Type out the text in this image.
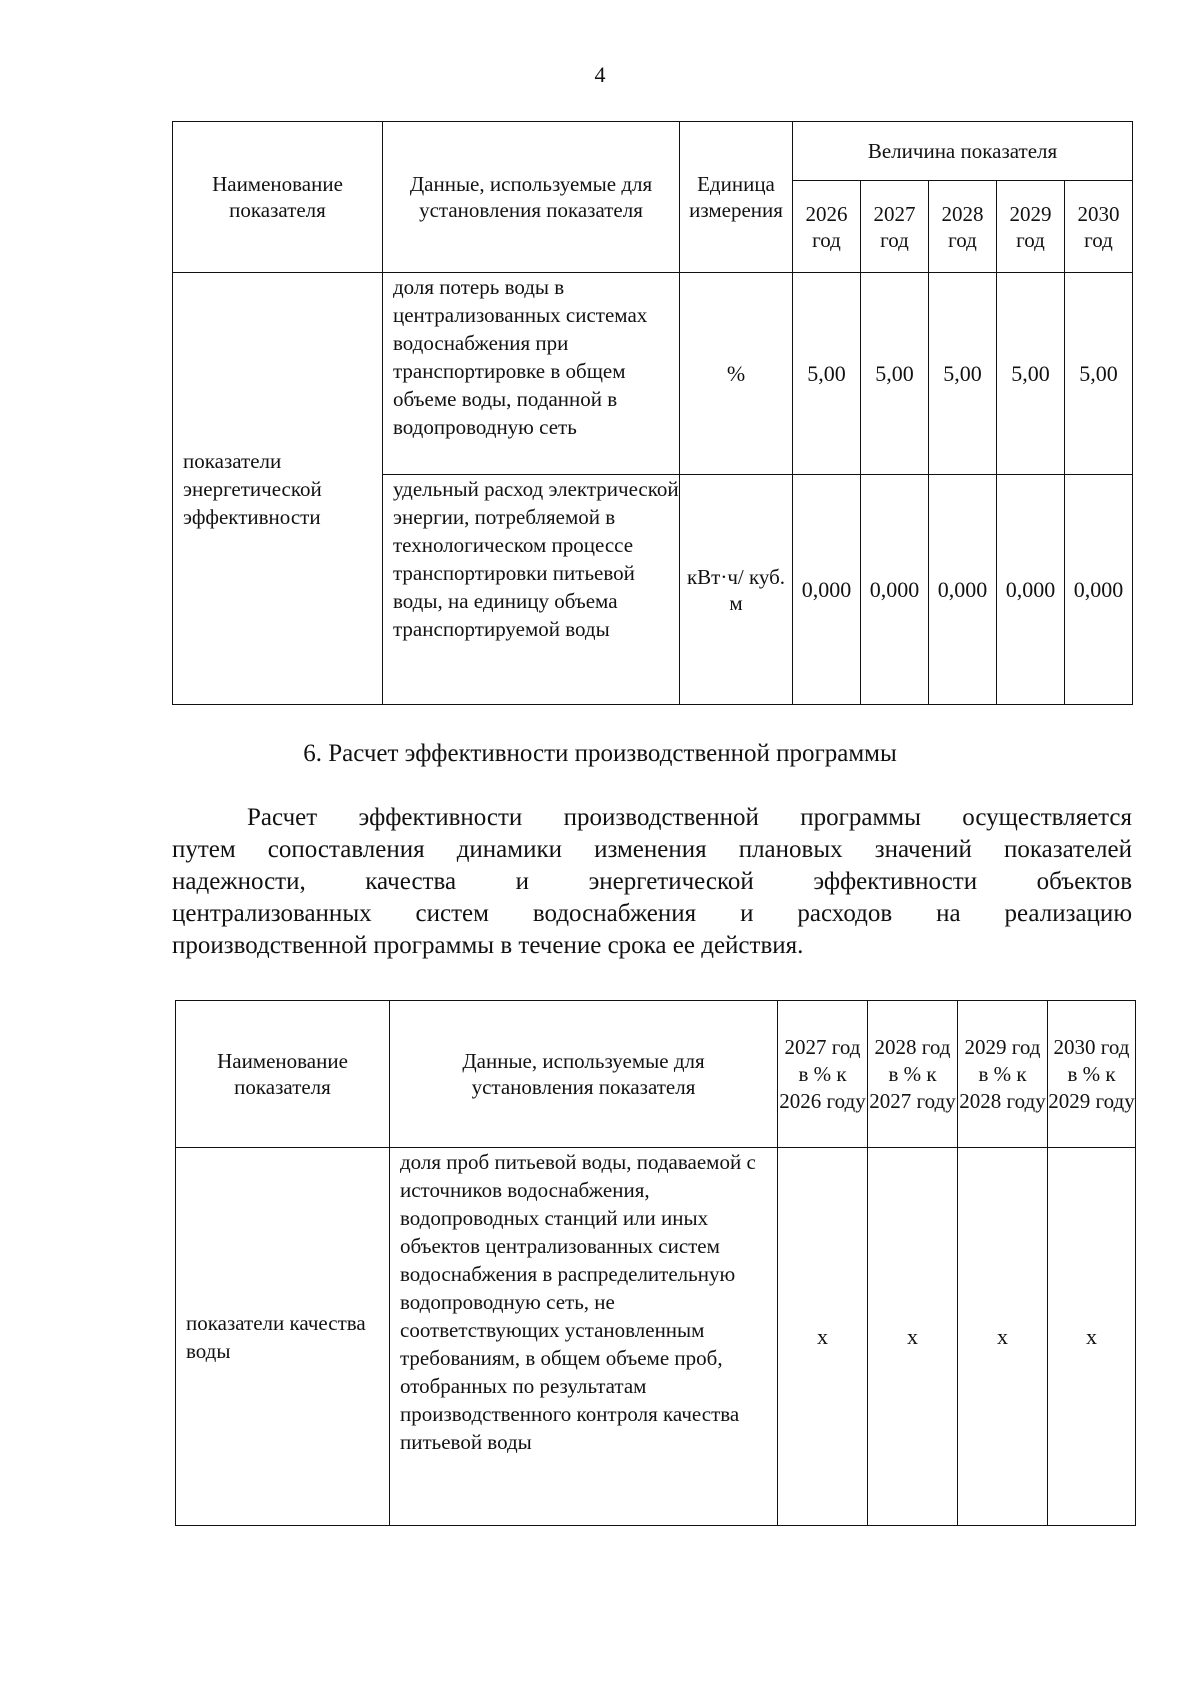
4
Наименование показателя	Данные, используемые для установления показателя	Единица измерения	Величина показателя				
			2026 год	2027 год	2028 год	2029 год	2030 год
показатели энергетической эффективности	доля потерь воды в централизованных системах водоснабжения при транспортировке в общем объеме воды, поданной в водопроводную сеть	%	5,00	5,00	5,00	5,00	5,00
	удельный расход электрической энергии, потребляемой в технологическом процессе транспортировки питьевой воды, на единицу объема транспортируемой воды	кВт·ч/ куб. м	0,000	0,000	0,000	0,000	0,000
6. Расчет эффективности производственной программы
Расчет эффективности производственной программы осуществляется
путем сопоставления динамики изменения плановых значений показателей
надежности, качества и энергетической эффективности объектов
централизованных систем водоснабжения и расходов на реализацию
производственной программы в течение срока ее действия.
Наименование показателя	Данные, используемые для установления показателя	2027 год в % к 2026 году	2028 год в % к 2027 году	2029 год в % к 2028 году	2030 год в % к 2029 году
показатели качества воды	доля проб питьевой воды, подаваемой с источников водоснабжения, водопроводных станций или иных объектов централизованных систем водоснабжения в распределительную водопроводную сеть, не соответствующих установленным требованиям, в общем объеме проб, отобранных по результатам производственного контроля качества питьевой воды	х	х	х	х
